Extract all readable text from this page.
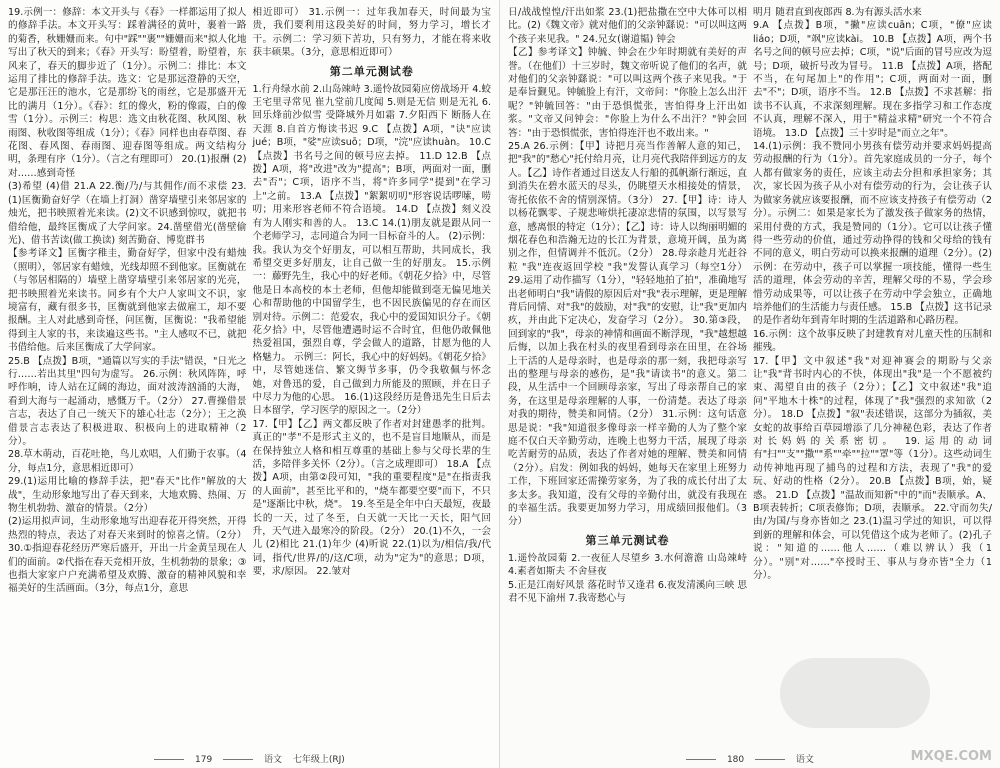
19.示例一：修辞：本文开头与《春》一样都运用了拟人的修辞手法。本文开头写：踩着满径的黄叶，裹着一路的菊香，秋姗姗而来。句中"踩""裹""姗姗而来"拟人化地写出了秋天的到来；《春》开头写：盼望着，盼望着，东风来了，春天的脚步近了（1分）。示例二：排比：本文运用了排比的修辞手法。选文：它是那远澄静的天空，它是那汪汪的池水，它是那纷飞的雨丝，它是那盛开无比的满月（1分）。《春》：红的像火，粉的像霞，白的像雪（1分）。示例三：构思：选文由秋花图、秋风图、秋雨图、秋收图等组成（1分）；《春》同样也由春草图、春花图、春风图、春雨图、迎春图等组成。两文结构分明，条理有序（1分）。（言之有理即可） 20.(1)报酬 (2)对……感到奇怪
(3)希望 (4)借 21.A 22.衡/乃/与其佣作/而不求偿 23.(1)匡衡勤奋好学（在墙上打洞）凿穿墙壁引来邻居家的烛光，把书映照着光来读。(2)文不识感到惊叹，就把书借给他，最终匡衡成了大学问家。24.凿壁借光(凿壁偷光)、借书苦读(做工换读) 刻苦勤奋、博览群书
【参考译文】匡衡字稚圭，勤奋好学，但家中没有蜡烛（照明），邻居家有蜡烛，光线却照不到他家。匡衡就在（与邻居相隔的）墙壁上凿穿墙壁引来邻居家的光亮，把书映照着光来读书。同乡有个大户人家叫文不识，家境富有，藏有很多书，匡衡就到他家去做雇工，却不要报酬。主人对此感到奇怪，问匡衡，匡衡说："我希望能得到主人家的书，来读遍这些书。"主人感叹不已，就把书借给他。后来匡衡成了大学问家。
25.B 【点拨】B项，"通篇以写实的手法"错误，"日光之行……若出其里"四句为虚写。 26.示例：秋风阵阵，呼呼作响，诗人站在辽阔的海边，面对波涛汹涌的大海，看到大海与一起涌动，感慨万千。（2分） 27.曹操借景言志，表达了自己一统天下的雄心壮志（2分）；王之涣借景言志表达了积极进取、积极向上的进取精神（2分）。
28.草木萌动，百花吐艳，鸟儿欢唱，人们勤于农事。（4分，每点1分，意思相近即可）
29.(1)运用比喻的修辞手法，把"春天"比作"解放的大战"，生动形象地写出了春天到来，大地欢腾、热闹、万物生机勃勃、激奋的情景。（2分）
(2)运用拟声词，生动形象地写出迎春花开得突然，开得热烈的特点，表达了对春天来到时的惊喜之情。（2分） 30.①指迎春花经历严寒后盛开，开出一片金黄呈现在人们的面前。②代指在春天竞相开放，生机勃勃的景象；③也指大家家户户充满希望及欢腾、激奋的精神风貌和幸福美好的生活画面。（3分，每点1分，意思

相近即可） 31.示例一：过年我加春天，时间最为宝贵，我们要利用这段美好的时间，努力学习，增长才干。示例二：学习须下苦功，只有努力，才能在将来收获丰硕果。（3分，意思相近即可）

第二单元测试卷

1.行舟绿水前 2.山岛竦峙 3.遥怜故园菊应傍战场开 4.蛟王宅里寻常见 崔九堂前几度闻 5.则是无信 则是无礼 6.回乐烽前沙似雪 受降城外月如霜 7.夕阳西下 断肠人在天涯 8.自首方悔读书迟 9.C 【点拨】A项，"诀"应读jué；B项，"娑"应读suō；D项，"浣"应读huàn。 10.C 【点拨】书名号之间的顿号应去掉。 11.D 12.B 【点拨】A项，将"改进"改为"提高"；B项，两面对一面，删去"否"；C项，语序不当，将"许多同学"提到"在学习上"之前。 13.A 【点拨】"絮絮叨叨"形容说话啰嗦，唠叨；用来形容老师不符合语境。 14.D 【点拨】刻义没有为人刚实和善的人。 13.C 14.(1)朋友就是跟从同一个老师学习，志同道合为同一目标奋斗的人。 (2)示例：我。我认为交个好朋友，可以相互帮助，共同成长，我希望交更多好朋友，让自己做一生的好朋友。 15.示例一：藤野先生，我心中的好老师。《朝花夕拾》中，尽管他是日本高校的本土老师，但他却能做到毫无偏见地关心和帮助他的中国留学生，也不因民族偏见的存在而区别对待。示例二：范爱农，我心中的爱国知识分子。《朝花夕拾》中，尽管他遭遇时运不合时宜，但他仍敢佩他热爱祖国，强烈自尊，学会做人的道路，甘愿为他的人格魅力。 示例三：阿长，我心中的好妈妈。《朝花夕拾》中，尽管她迷信、繁文缛节多事，仍令我敬佩与怀念她，对鲁迅的爱，自己做到力所能及的照顾，并在日子中尽力为他的心思。 16.(1)这段经历是鲁迅先生日后去日本留学，学习医学的原因之一。（2分）
17.【甲】【乙】两文都反映了作者对封建愚孝的批判。真正的"孝"不是形式主义的，也不是盲目地顺从，而是在保持独立人格和相互尊重的基础上参与父母长辈的生活，多陪伴多关怀（2分）。（言之成理即可） 18.A 【点拨】A项，由第②段可知，"我的重要程度"是"在指责我的人面前"，甚至比平和的，"烧车都要空要"而下，不只是"逐渐比中秋，烧"。 19.冬至是全年中白天最短，夜最长的一天，过了冬至，白天就一天比一天长，阳气回升，天气进入最寒冷的阶段。（2分） 20.(1)不久，一会儿 (2)相比 21.(1)年少 (4)听说 22.(1)以为/相信/我/代词，指代/世界/的/这/C项，动为"定为"的意思；D项，要，求/原因。 22.皱对

179	语文 七年级上(RJ)

日/战战惶惶/汗出如浆 23.(1)把盐撒在空中大体可以相比。(2)《魏文帝》就对他们的父亲钟繇说："可以叫这两个孩子来见我。" 24.兄女(谢道韫) 钟会
【乙】参考译文】钟毓、钟会在少年时期就有美好的声誉。（在他们）十三岁时，魏文帝听说了他们的名声，就对他们的父亲钟繇说："可以叫这两个孩子来见我。"于是奉旨觐见。钟毓脸上有汗，文帝问："你脸上怎么出汗呢？"钟毓回答："由于恐惧慌张，害怕得身上汗出如浆。"文帝又问钟会："你脸上为什么不出汗？"钟会回答："由于恐惧慌张，害怕得连汗也不敢出来。"
25.A 26.示例：【甲】诗把月亮当作善解人意的知己，把"我"的"愁心"托付给月亮，让月亮代我陪伴到远方的友人。【乙】诗作者通过目送友人行船的孤帆渐行渐远，直到消失在碧水蓝天的尽头，仍眺望天水相接处的情景，寄托依依不舍的情别深情。（3分） 27.【甲】诗：诗人以杨花飘零、子规悲啼烘托凄凉悲情的氛围，以写景写意，感离恨的特定（1分）；【乙】诗：诗人以绚丽明媚的烟花春色和浩瀚无边的长江为背景，意境开阔，虽为离别之作，但情调并不低沉。（2分） 28.母亲趁月光赶谷粒 "我"连夜返回学校 "我"发誓认真学习（每空1分） 29.运用了动作描写（1分），"轻轻地拍了拍"，准确地写出老师明白"我"请假的原因后对"我"表示理解，更是理解背后同情、对"我"的鼓励，对"我"的安慰，让"我"更加内疚，并由此下定决心，发奋学习（2分）。 30.第③段，回到家的"我"，母亲的神情和画面不断浮现，"我"越想越后悔，以加上我在村头的夜里看到母亲在田里，在谷场上干活的人是母亲时，也是母亲的那一刻，我把母亲写出的整理与母亲的感伤，是"我"请读书"的意义。第二段，从生活中一个回顾母亲家，写出了母亲帮自己的家务，在这里是母亲理解的人事，一份清楚。表达了母亲对我的期待，赞美和同情。（2分） 31.示例：这句话意思是说："我"知道很多像母亲一样辛勤的人为了整个家庭不仅白天辛勤劳动，连晚上也努力干活，展现了母亲吃苦耐劳的品质，表达了作者对她的理解、赞美和同情（2分）。启发：例如我的妈妈，她每天在家里上班努力工作，下班回家还需操劳家务，为了我的成长付出了太多太多。我知道，没有父母的辛勤付出，就没有我现在的幸福生活。我要更加努力学习，用成绩回报他们。（3分）

第三单元测试卷

1.遥怜故园菊 2.一夜征人尽望乡 3.水何澹澹 山岛竦峙 4.素者如斯夫 不舍昼夜
5.正是江南好风景 落花时节又逢君 6.夜发清溪向三峡 思君不见下渝州 7.我寄愁心与

明月 随君直到夜郎西 8.为有源头活水来
9.A 【点拨】B项，"撇"应读cuān；C项，"僚"应读liáo；D项，"飒"应读kài。 10.B 【点拨】A项，两个书名号之间的顿号应去掉；C项，"说"后面的冒号应改为逗号；D项，破折号改为冒号。 11.B 【点拨】A项，搭配不当，在句尾加上"的作用"；C项，两面对一面，删去"不"；D项，语序不当。 12.B 【点拨】不求甚解：指读书不认真，不求深刻理解。现在多指学习和工作态度不认真，理解不深入，用于"精益求精"研究一个不符合语境。 13.D 【点拨】三十岁时是"而立之年"。
14.(1)示例：我不赞同小男孩有偿劳动并要求妈妈提高劳动报酬的行为（1分）。首先家庭成员的一分子，每个人都有做家务的责任，应该主动去分担和承担家务；其次，家长因为孩子从小对有偿劳动的行为，会让孩子认为做家务就应该要报酬，而不应该支持孩子有偿劳动（2分）。示例二：如果是家长为了激发孩子做家务的热情，采用付费的方式，我是赞同的（1分）。它可以让孩子懂得一些劳动的价值，通过劳动挣得的钱和父母给的钱有不同的意义，明白劳动可以换来报酬的道理（2分）。(2)示例：在劳动中，孩子可以掌握一项技能，懂得一些生活的道理，体会劳动的辛苦，理解父母的不易，学会珍惜劳动成果等，可以让孩子在劳动中学会独立，正确地培养他们的生活能力与责任感。 15.B 【点拨】这书记录的是作者幼年到青年时期的生活道路和心路历程。
16.示例：这个故事反映了封建教育对儿童天性的压制和摧残。
17.【甲】文中叙述"我"对迎神赛会的期盼与父亲让"我"背书时内心的不快，体现出"我"是一个不愿被约束、渴望自由的孩子（2分）；【乙】文中叙述"我"追问"平地木十株"的过程，体现了"我"强烈的求知欲（2分）。 18.D 【点拨】"叙"表述错误，这部分为插叙，美女蛇的故事给百草园增添了几分神秘色彩，表达了作者对长妈妈的关系密切。 19.运用的动词有"扫""支""撒""系""牵""拉""罩"等（1分）。这些动词生动传神地再现了捕鸟的过程和方法，表现了"我"的爱玩、好动的性格（2分）。 20.B 【点拨】B项，始，疑惑。 21.D 【点拨】"温故而知新"中的"而"表顺承。A、B项表转折；C项表修饰；D项，表顺承。 22.守而勿失/由/为国/与身亦皆如之 23.(1)温习学过的知识，可以得到新的理解和体会，可以凭借这个成为老师了。(2)孔子说："知道的……他人……（难以辨认）我（1分）。"别"对……"卒授时王、事从与身亦皆"全力（1分）。

180	语文	MXQE.COM
